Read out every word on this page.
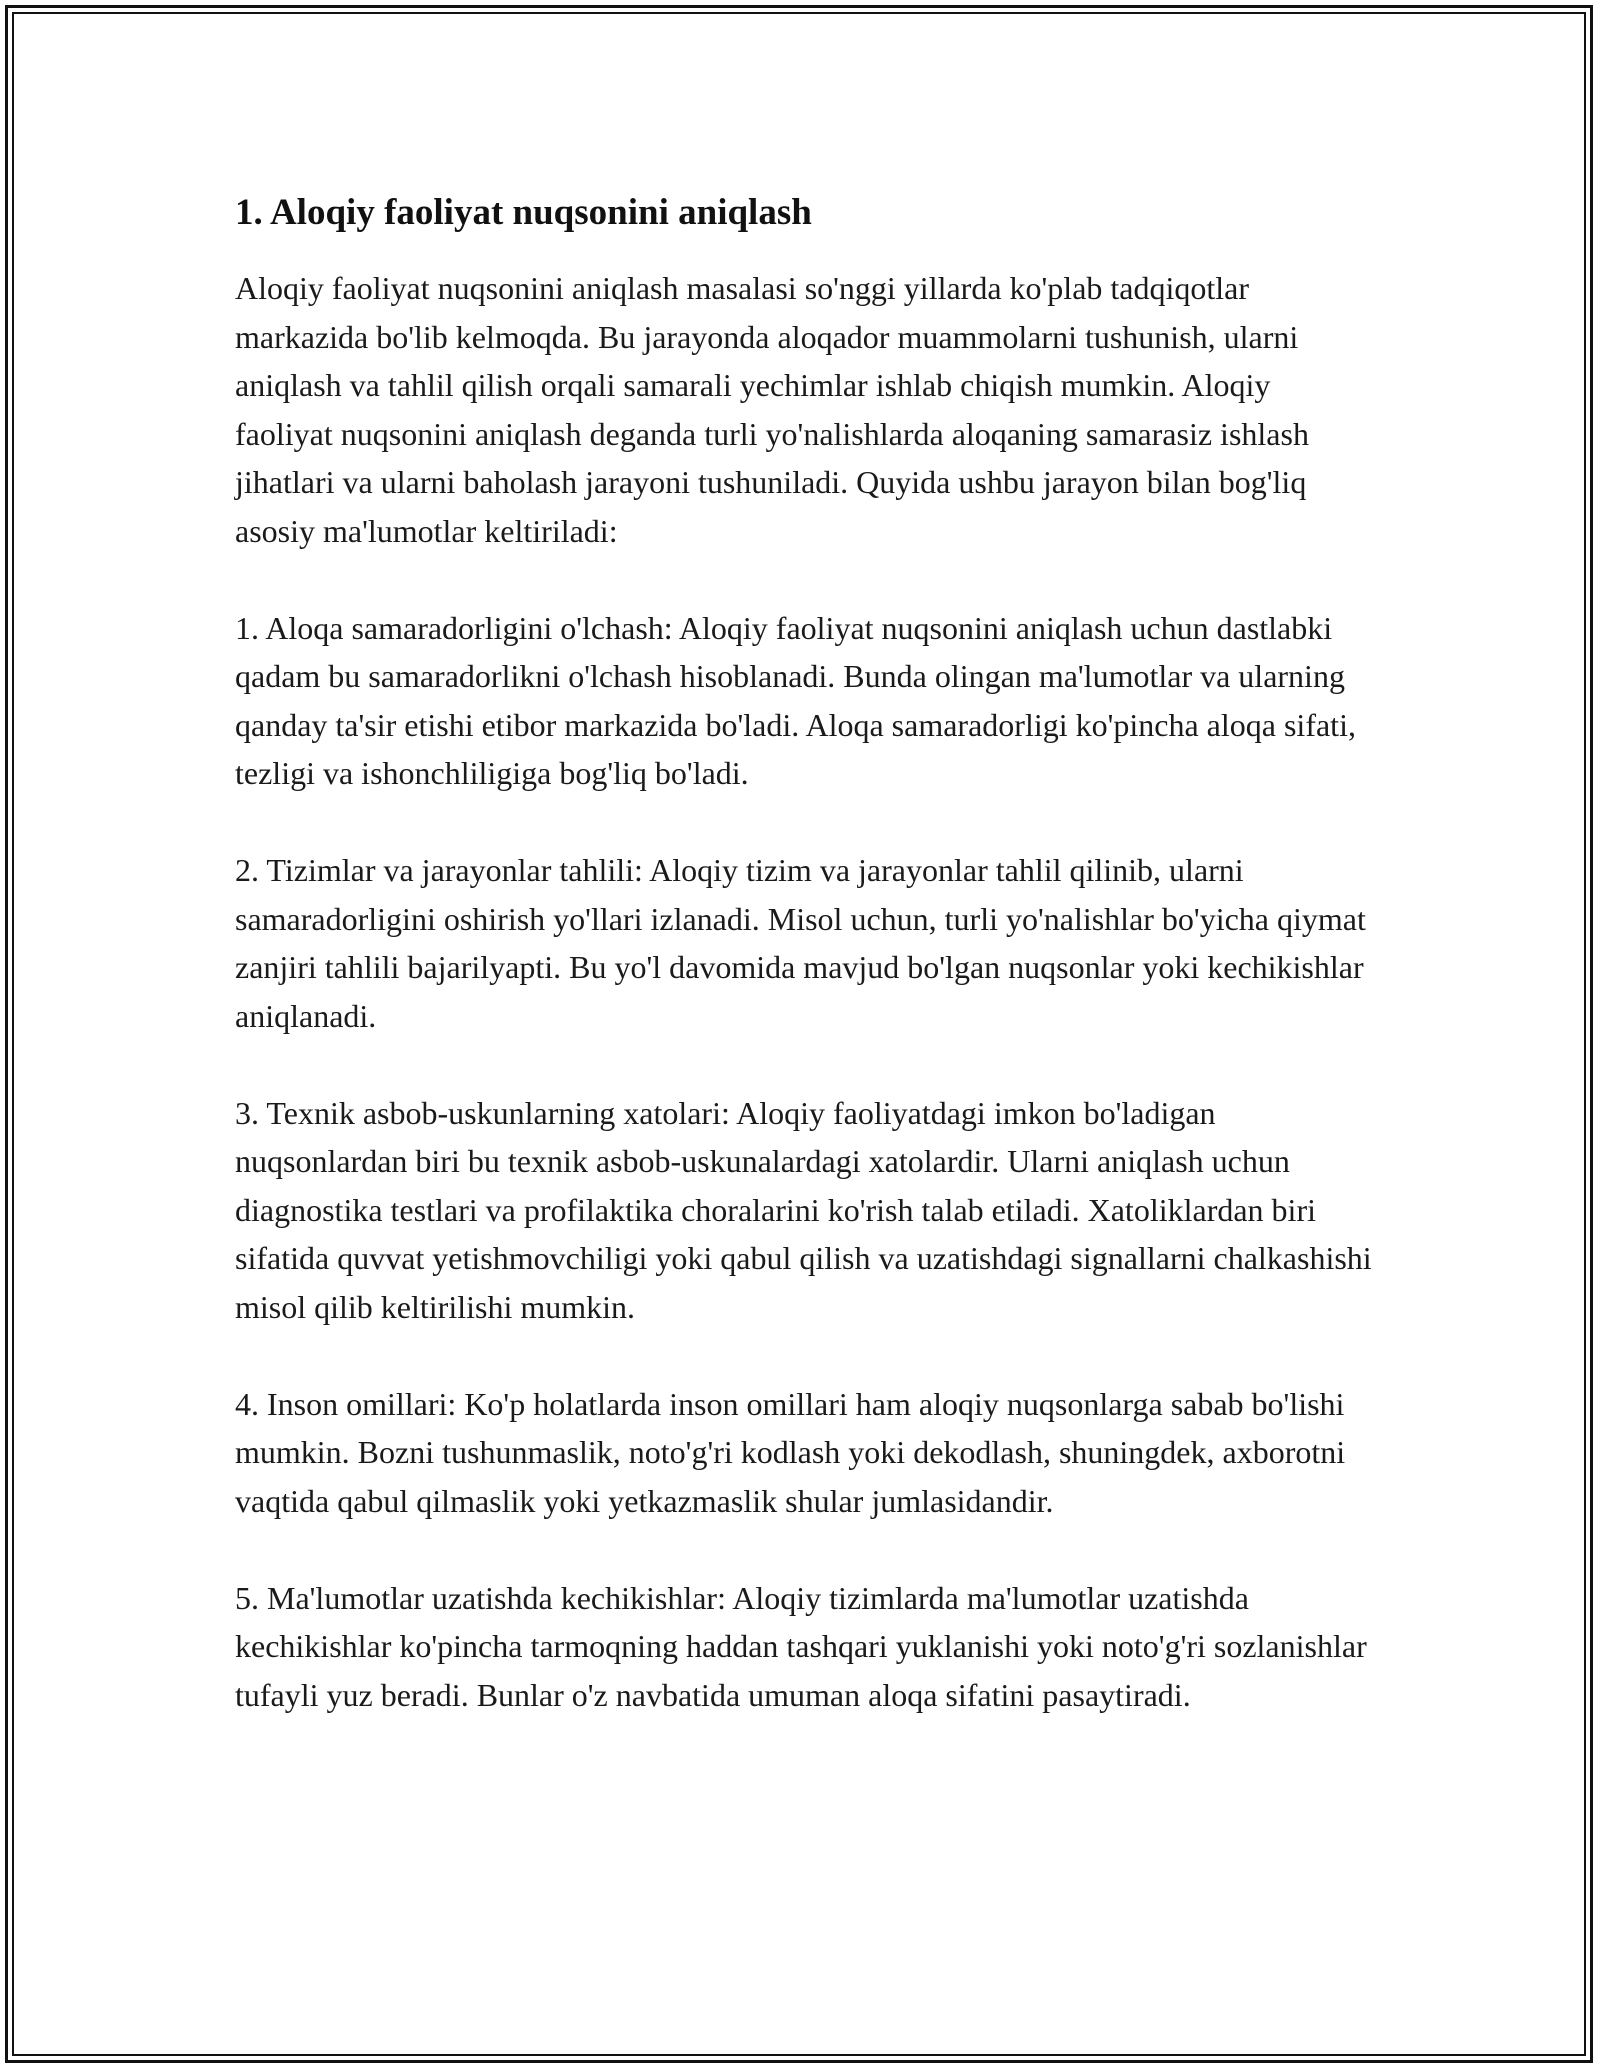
1. Aloqiy faoliyat nuqsonini aniqlash

Aloqiy faoliyat nuqsonini aniqlash masalasi so'nggi yillarda ko'plab tadqiqotlar markazida bo'lib kelmoqda. Bu jarayonda aloqador muammolarni tushunish, ularni aniqlash va tahlil qilish orqali samarali yechimlar ishlab chiqish mumkin. Aloqiy faoliyat nuqsonini aniqlash deganda turli yo'nalishlarda aloqaning samarasiz ishlash jihatlari va ularni baholash jarayoni tushuniladi. Quyida ushbu jarayon bilan bog'liq asosiy ma'lumotlar keltiriladi:

1. Aloqa samaradorligini o'lchash: Aloqiy faoliyat nuqsonini aniqlash uchun dastlabki qadam bu samaradorlikni o'lchash hisoblanadi. Bunda olingan ma'lumotlar va ularning qanday ta'sir etishi etibor markazida bo'ladi. Aloqa samaradorligi ko'pincha aloqa sifati, tezligi va ishonchliligiga bog'liq bo'ladi.

2. Tizimlar va jarayonlar tahlili: Aloqiy tizim va jarayonlar tahlil qilinib, ularni samaradorligini oshirish yo'llari izlanadi. Misol uchun, turli yo'nalishlar bo'yicha qiymat zanjiri tahlili bajarilyapti. Bu yo'l davomida mavjud bo'lgan nuqsonlar yoki kechikishlar aniqlanadi.

3. Texnik asbob-uskunlarning xatolari: Aloqiy faoliyatdagi imkon bo'ladigan nuqsonlardan biri bu texnik asbob-uskunalardagi xatolardir. Ularni aniqlash uchun diagnostika testlari va profilaktika choralarini ko'rish talab etiladi. Xatoliklardan biri sifatida quvvat yetishmovchiligi yoki qabul qilish va uzatishdagi signallarni chalkashishi misol qilib keltirilishi mumkin.

4. Inson omillari: Ko'p holatlarda inson omillari ham aloqiy nuqsonlarga sabab bo'lishi mumkin. Bozni tushunmaslik, noto'g'ri kodlash yoki dekodlash, shuningdek, axborotni vaqtida qabul qilmaslik yoki yetkazmaslik shular jumlasidandir.

5. Ma'lumotlar uzatishda kechikishlar: Aloqiy tizimlarda ma'lumotlar uzatishda kechikishlar ko'pincha tarmoqning haddan tashqari yuklanishi yoki noto'g'ri sozlanishlar tufayli yuz beradi. Bunlar o'z navbatida umuman aloqa sifatini pasaytiradi.
